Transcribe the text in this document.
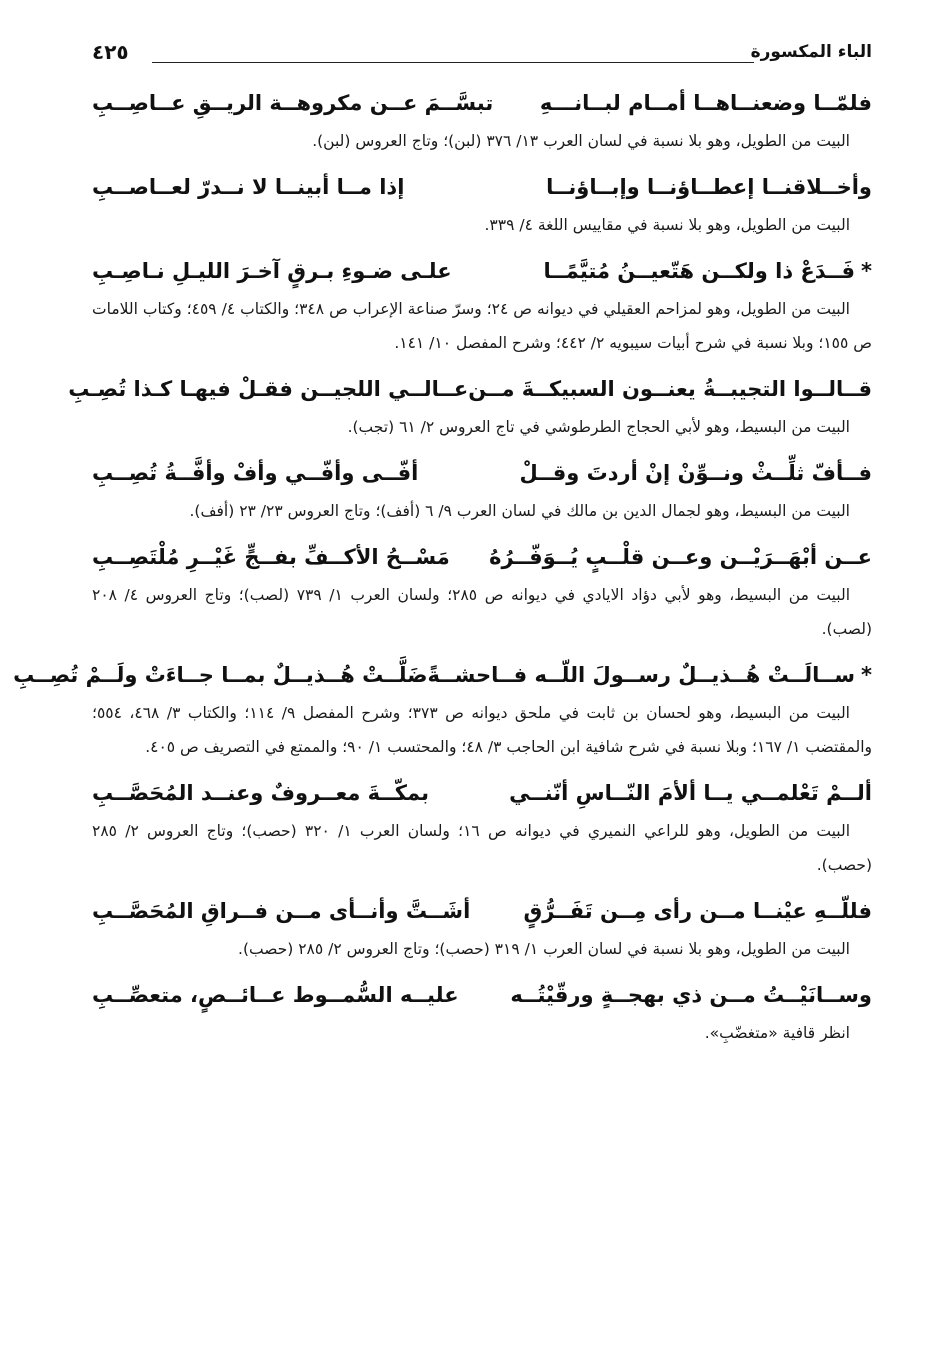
الباء المكسورة
٤٢٥
فلمّــا وضعنــاهــا أمــام لبــانـــهِ
تبسَّــمَ عــن مكروهــة الريــقِ عــاصِــبِ
البيت من الطويل، وهو بلا نسبة في لسان العرب ١٣/ ٣٧٦ (لبن)؛ وتاج العروس (لبن).
وأخــلاقنــا إعطــاؤنــا وإبــاؤنــا
إذا مــا أبينــا لا نــدرّ لعــاصــبِ
البيت من الطويل، وهو بلا نسبة في مقاييس اللغة ٤/ ٣٣٩.
*فَــدَعْ ذا ولكــن هَتّعيــنُ مُتيَّمًــا
علـى ضـوءِ بـرقٍ آخـرَ الليـلِ نـاصِـبِ
البيت من الطويل، وهو لمزاحم العقيلي في ديوانه ص ٢٤؛ وسرّ صناعة الإعراب ص ٣٤٨؛ والكتاب ٤/ ٤٥٩؛ وكتاب اللامات ص ١٥٥؛ وبلا نسبة في شرح أبيات سيبويه ٢/ ٤٤٢؛ وشرح المفصل ١٠/ ١٤١.
قــالــوا التجيبــةُ يعنــون السبيكــةَ مــن
عــالــي اللجيــن فقـلْ فيهـا كـذا تُصِـبِ
البيت من البسيط، وهو لأبي الحجاج الطرطوشي في تاج العروس ٢/ ٦١ (تجب).
فــأفّ ثلِّــثْ ونــوِّنْ إنْ أردتَ وقــلْ
أفّــى وأفّــي وأفْ وأفَّــةُ تُصِــبِ
البيت من البسيط، وهو لجمال الدين بن مالك في لسان العرب ٩/ ٦ (أفف)؛ وتاج العروس ٢٣/ ٢٣ (أفف).
عــن أبْهَــرَيْــن وعــن قلْــبٍ يُــوَفّــرُهُ
مَسْــحُ الأكــفِّ بفــجٍّ غَيْــرِ مُلْتَصِــبِ
البيت من البسيط، وهو لأبي دؤاد الايادي في ديوانه ص ٢٨٥؛ ولسان العرب ١/ ٧٣٩ (لصب)؛ وتاج العروس ٤/ ٢٠٨ (لصب).
*ســالَــتْ هُــذيــلٌ رســولَ اللّــه فــاحشــةً
ضَلَّــتْ هُــذيــلٌ بمــا جــاءَتْ ولَــمْ تُصِــبِ
البيت من البسيط، وهو لحسان بن ثابت في ملحق ديوانه ص ٣٧٣؛ وشرح المفصل ٩/ ١١٤؛ والكتاب ٣/ ٤٦٨، ٥٥٤؛ والمقتضب ١/ ١٦٧؛ وبلا نسبة في شرح شافية ابن الحاجب ٣/ ٤٨؛ والمحتسب ١/ ٩٠؛ والممتع في التصريف ص ٤٠٥.
ألــمْ تَعْلمــي يــا ألأمَ النّــاسِ أنّنــي
بمكّــةَ معــروفٌ وعنــد المُحَصَّــبِ
البيت من الطويل، وهو للراعي النميري في ديوانه ص ١٦؛ ولسان العرب ١/ ٣٢٠ (حصب)؛ وتاج العروس ٢/ ٢٨٥ (حصب).
فللّــهِ عيْنــا مــن رأى مِــن تَفَــرُّقٍ
أشَــتَّ وأنــأى مــن فــراقِ المُحَصَّــبِ
البيت من الطويل، وهو بلا نسبة في لسان العرب ١/ ٣١٩ (حصب)؛ وتاج العروس ٢/ ٢٨٥ (حصب).
وســانَيْــتُ مــن ذي بهجــةٍ ورقّيْتُــه
عليــه السُّمــوط عــائــصٍ، متعصِّــبِ
انظر قافية «متغضّبِ».
